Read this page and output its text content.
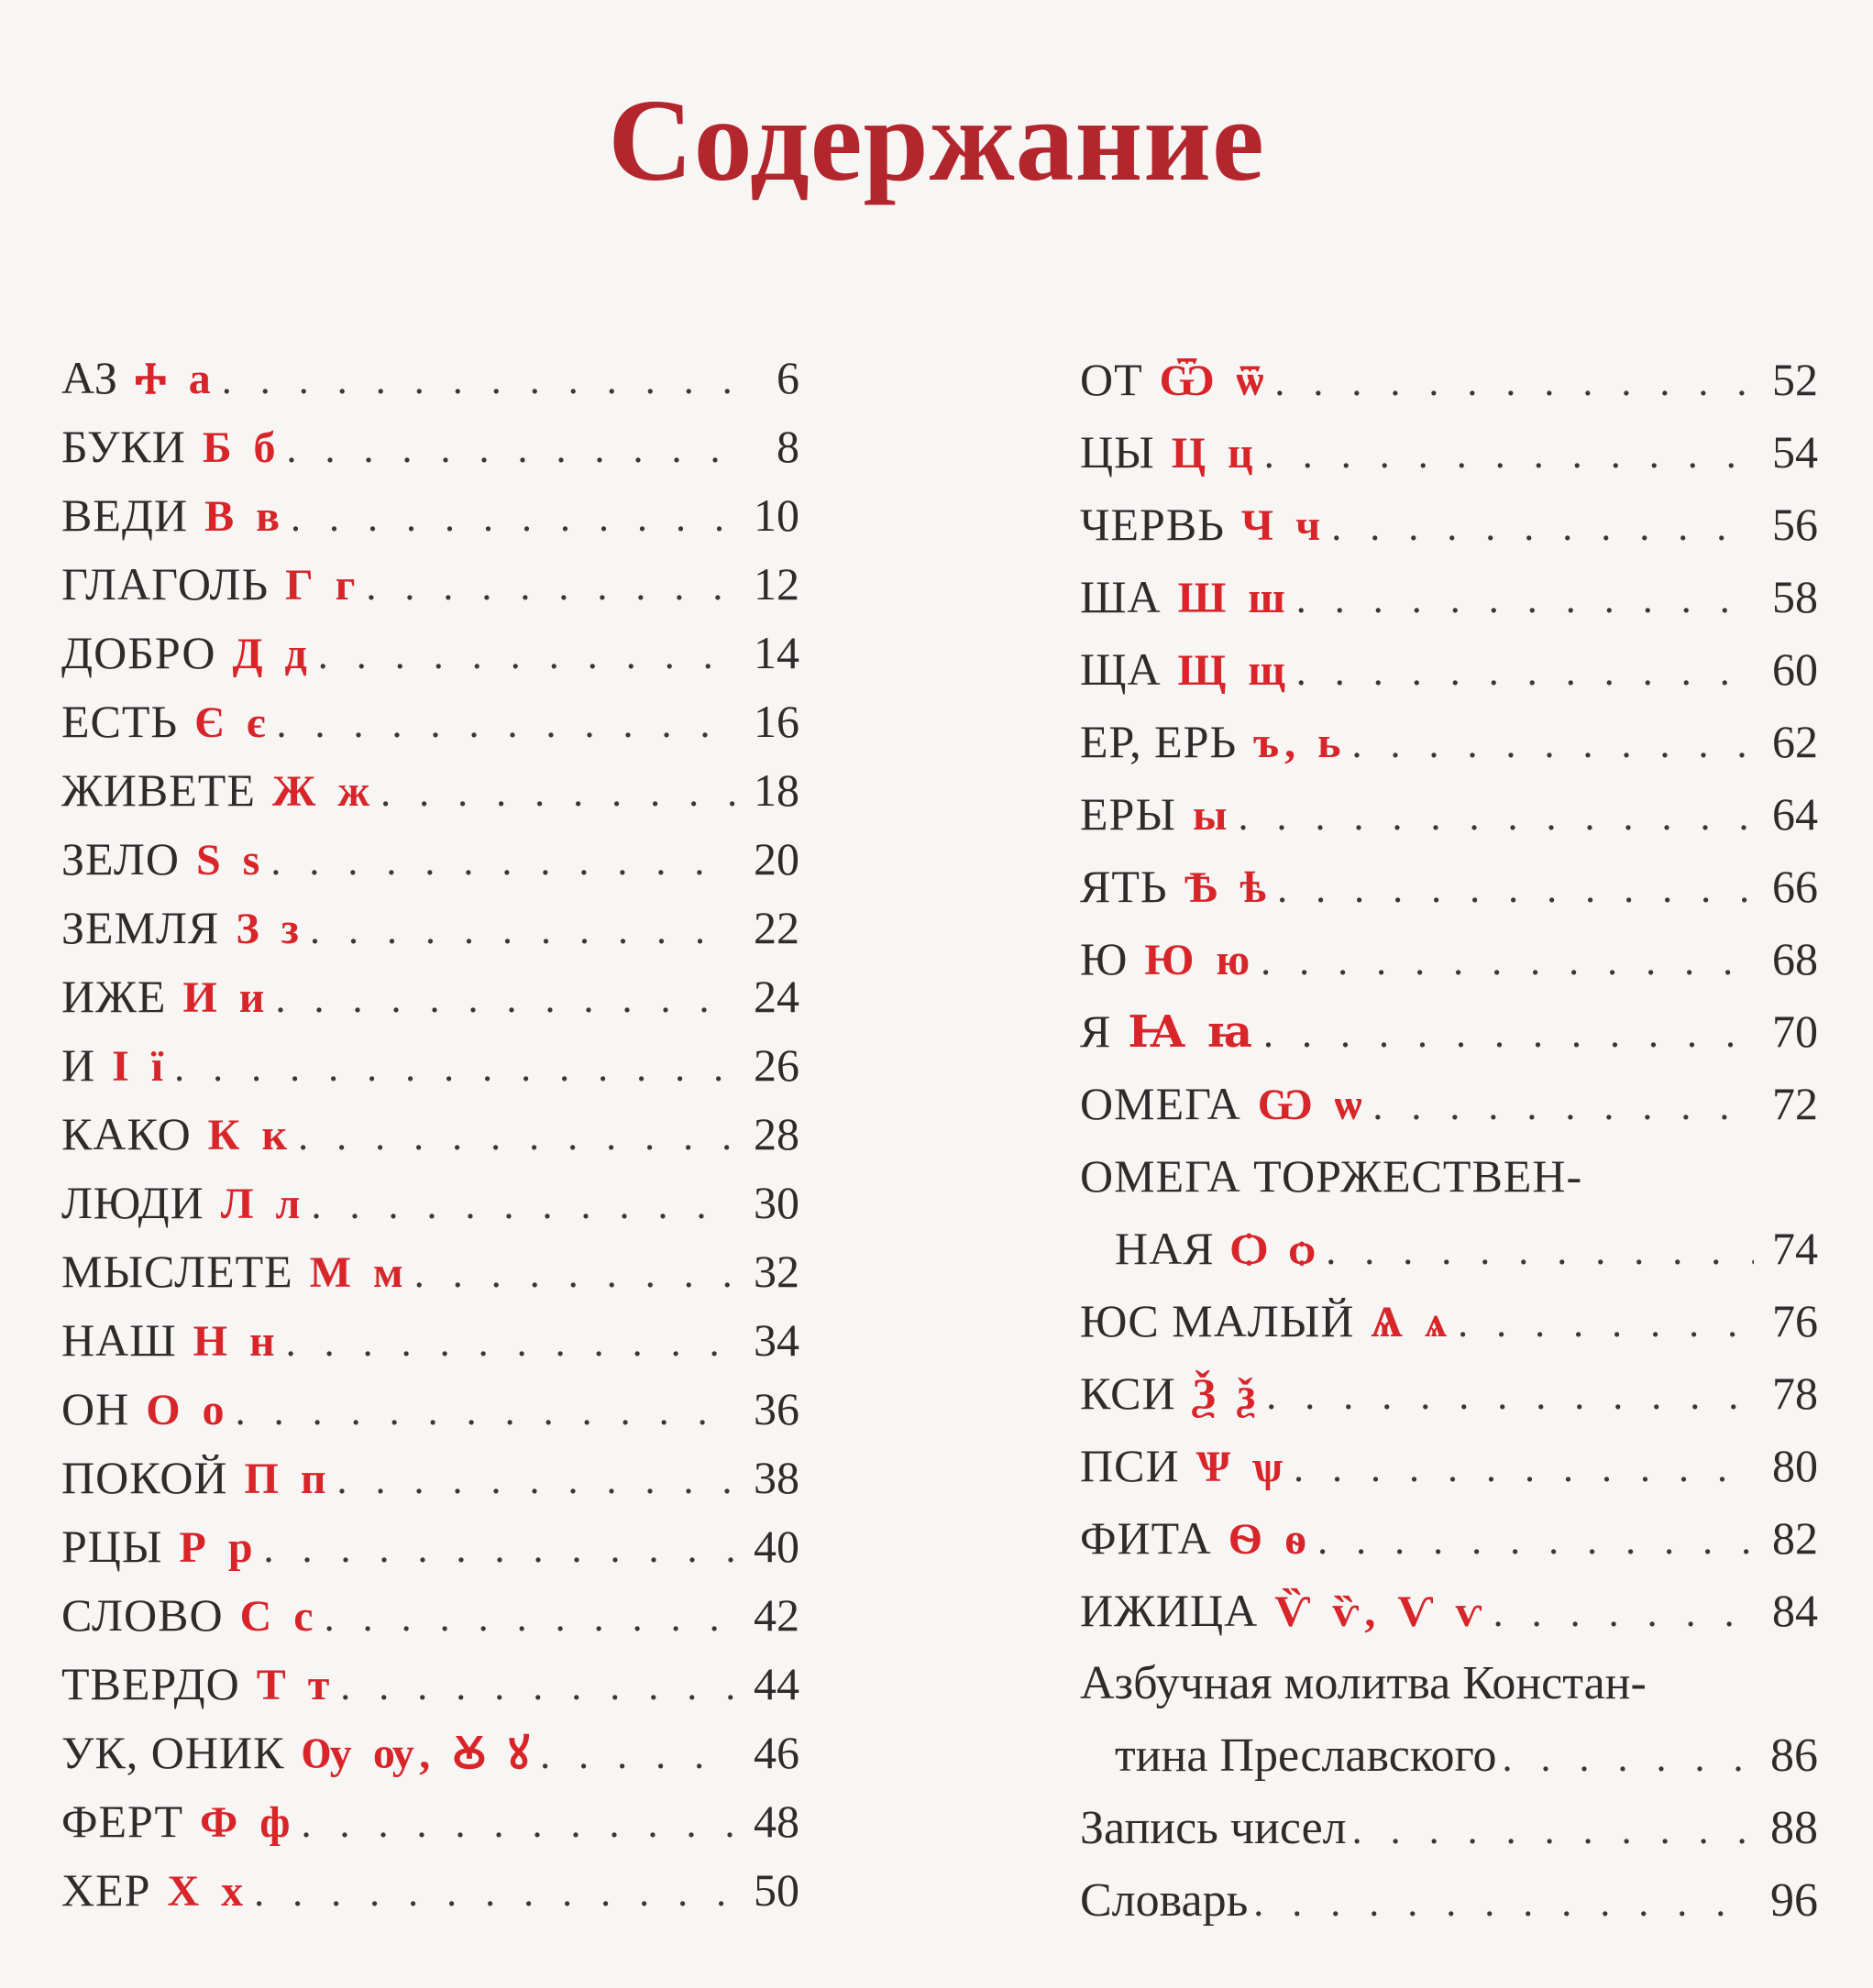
Содержание
АЗ Ⰰ а . . .	6
БУКИ Б б . . .	8
ВЕДИ В в . . .	10
ГЛАГОЛЬ Г г . . .	12
ДОБРО Д д . . .	14
ЕСТЬ Є є . . .	16
ЖИВЕТЕ Ж ж . . .	18
ЗЕЛО Ѕ ѕ . . .	20
ЗЕМЛЯ З з . . .	22
ИЖЕ И и . . .	24
И І ї . . .	26
КАКО К к . . .	28
ЛЮДИ Л л . . .	30
МЫСЛЕТЕ М м . . .	32
НАШ Н н . . .	34
ОН О о . . .	36
ПОКОЙ П п . . .	38
РЦЫ Р р . . .	40
СЛОВО С с . . .	42
ТВЕРДО Т т . . .	44
УК, ОНИК Ѹ ѹ, Ꙋ ꙋ . . .	46
ФЕРТ Ф ф . . .	48
ХЕР Х х . . .	50
ОТ Ѿ ѿ . . .	52
ЦЫ Ц ц . . .	54
ЧЕРВЬ Ч ч . . .	56
ША Ш ш . . .	58
ЩА Щ щ . . .	60
ЕР, ЕРЬ ъ, ь . . .	62
ЕРЫ ы . . .	64
ЯТЬ Ѣ ѣ . . .	66
Ю Ю ю . . .	68
Я Ꙗ ꙗ . . .	70
ОМЕГА Ѡ ѡ . . .	72
ОМЕГА ТОРЖЕСТВЕН-
НАЯ Ѻ ѻ . . .	74
ЮС МАЛЫЙ Ѧ ѧ . . .	76
КСИ Ѯ ѯ . . .	78
ПСИ Ѱ ѱ . . .	80
ФИТА Ѳ ѳ . . .	82
ИЖИЦА Ѷ ѷ, Ѵ ѵ . . .	84
Азбучная молитва Констан-
тина Преславского . . .	86
Запись чисел . . .	88
Словарь . . .	96
